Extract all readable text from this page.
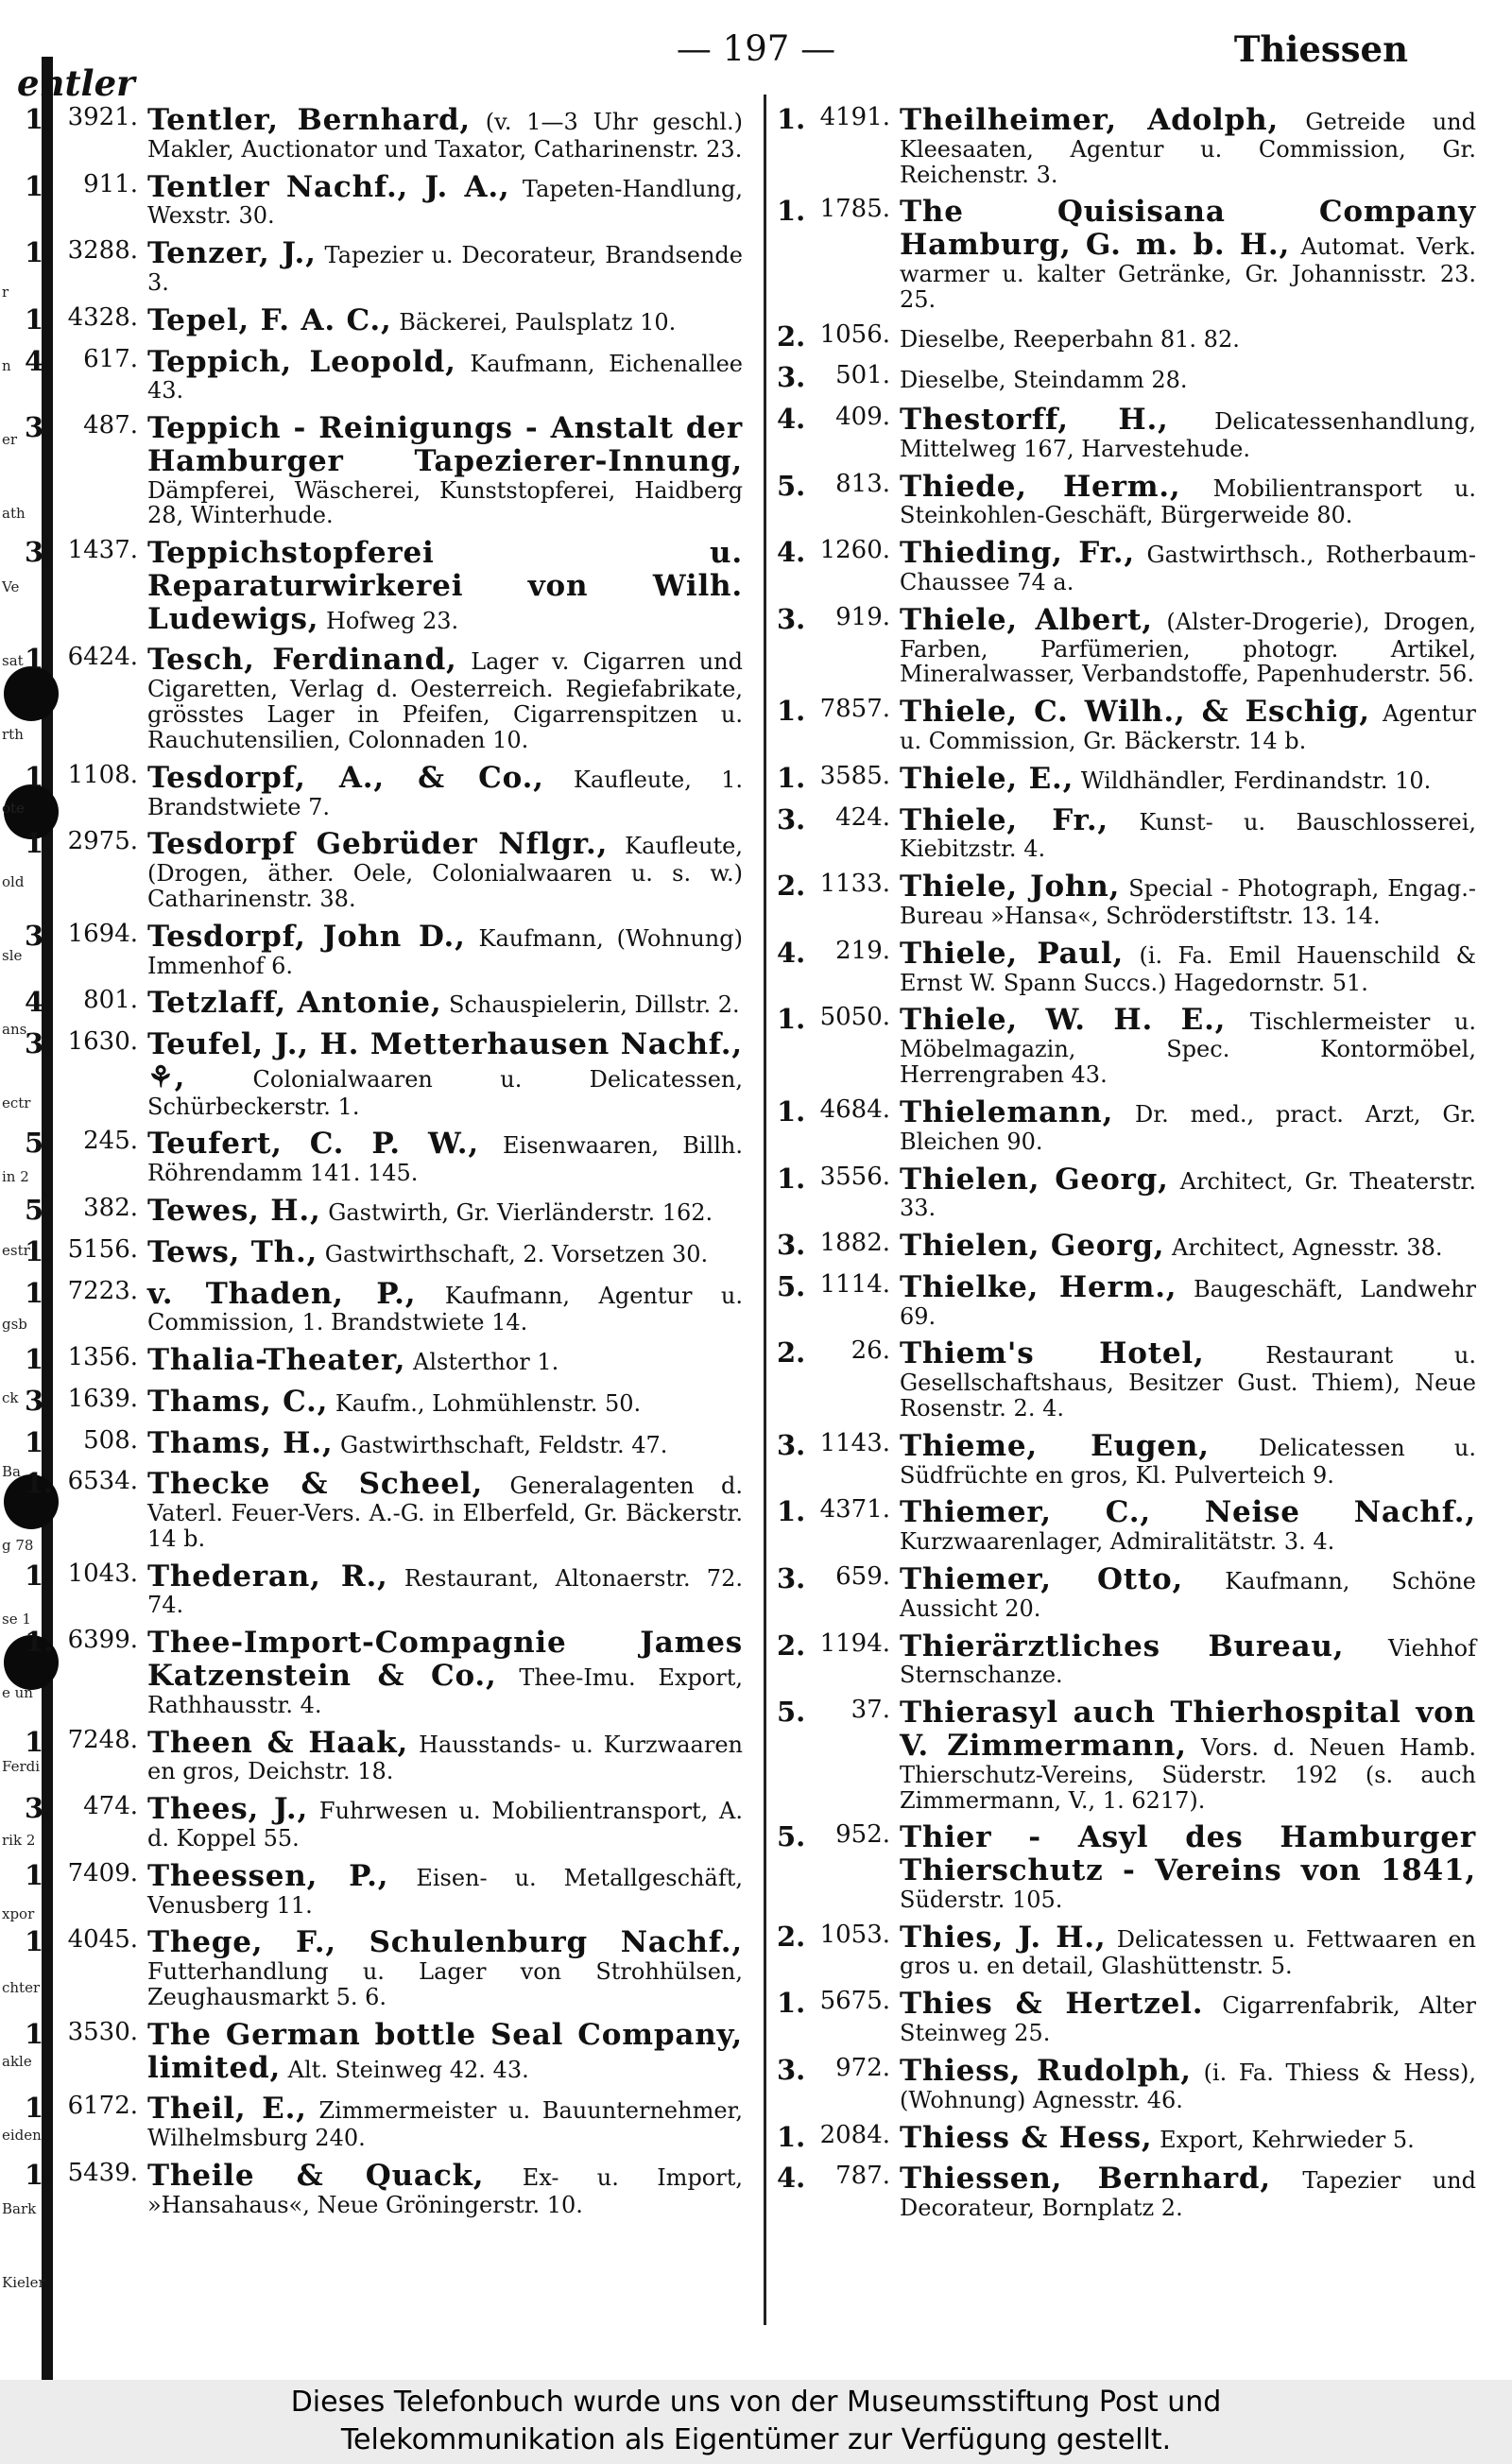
r
n
er
ath
Ve
sat
rth
ote
old
sle
ans
ectr
in 2
estr
gsb
ck
Ba
g 78
se 1
e un
Ferdi
rik 2
xpor
chter
akle
eiden
Bark
Kieler
entler
— 197 —	Thiessen
1. 3921. Tentler, Bernhard, (v. 1—3 Uhr geschl.) Makler, Auctionator und Taxator, Catharinenstr. 23.
1.	911. Tentler Nachf., J. A., Tapeten-Handlung, Wexstr. 30.
1. 3288. Tenzer, J., Tapezier u. Decorateur, Brandsende 3.
1. 4328. Tepel, F. A. C., Bäckerei, Paulsplatz 10.
4.	617. Teppich, Leopold, Kaufmann, Eichenallee 43.
3.	487. Teppich - Reinigungs - Anstalt der Hamburger Tapezierer-Innung, Dämpferei, Wäscherei, Kunststopferei, Haidberg 28, Winterhude.
3. 1437. Teppichstopferei u. Reparaturwirkerei von Wilh. Ludewigs, Hofweg 23.
1. 6424. Tesch, Ferdinand, Lager v. Cigarren und Cigaretten, Verlag d. Oesterreich. Regiefabrikate, grösstes Lager in Pfeifen, Cigarrenspitzen u. Rauchutensilien, Colonnaden 10.
1. 1108. Tesdorpf, A., & Co., Kaufleute, 1. Brandstwiete 7.
1. 2975. Tesdorpf Gebrüder Nflgr., Kaufleute, (Drogen, äther. Oele, Colonialwaaren u. s. w.) Catharinenstr. 38.
3. 1694. Tesdorpf, John D., Kaufmann, (Wohnung) Immenhof 6.
4.	801. Tetzlaff, Antonie, Schauspielerin, Dillstr. 2.
3. 1630. Teufel, J., H. Metterhausen Nachf., ⚘, Colonialwaaren u. Delicatessen, Schürbeckerstr. 1.
5.	245. Teufert, C. P. W., Eisenwaaren, Billh. Röhrendamm 141. 145.
5.	382. Tewes, H., Gastwirth, Gr. Vierländerstr. 162.
1. 5156. Tews, Th., Gastwirthschaft, 2. Vorsetzen 30.
1. 7223. v. Thaden, P., Kaufmann, Agentur u. Commission, 1. Brandstwiete 14.
1. 1356. Thalia-Theater, Alsterthor 1.
3. 1639. Thams, C., Kaufm., Lohmühlenstr. 50.
1.	508. Thams, H., Gastwirthschaft, Feldstr. 47.
1. 6534. Thecke & Scheel, Generalagenten d. Vaterl. Feuer-Vers. A.-G. in Elberfeld, Gr. Bäckerstr. 14 b.
1. 1043. Thederan, R., Restaurant, Altonaerstr. 72. 74.
1. 6399. Thee-Import-Compagnie James Katzenstein & Co., Thee-Imu. Export, Rathhausstr. 4.
1. 7248. Theen & Haak, Hausstands- u. Kurzwaaren en gros, Deichstr. 18.
3.	474. Thees, J., Fuhrwesen u. Mobilientransport, A. d. Koppel 55.
1. 7409. Theessen, P., Eisen- u. Metallgeschäft, Venusberg 11.
1. 4045. Thege, F., Schulenburg Nachf., Futterhandlung u. Lager von Strohhülsen, Zeughausmarkt 5. 6.
1. 3530. The German bottle Seal Company, limited, Alt. Steinweg 42. 43.
1. 6172. Theil, E., Zimmermeister u. Bauunternehmer, Wilhelmsburg 240.
1. 5439. Theile & Quack, Ex- u. Import, »Hansahaus«, Neue Gröningerstr. 10.
1. 4191. Theilheimer, Adolph, Getreide und Kleesaaten, Agentur u. Commission, Gr. Reichenstr. 3.
1. 1785. The Quisisana Company Hamburg, G. m. b. H., Automat. Verk. warmer u. kalter Getränke, Gr. Johannisstr. 23. 25.
2. 1056. Dieselbe, Reeperbahn 81. 82.
3.	501. Dieselbe, Steindamm 28.
4.	409. Thestorff, H., Delicatessenhandlung, Mittelweg 167, Harvestehude.
5.	813. Thiede, Herm., Mobilientransport u. Steinkohlen-Geschäft, Bürgerweide 80.
4. 1260. Thieding, Fr., Gastwirthsch., Rotherbaum-Chaussee 74 a.
3.	919. Thiele, Albert, (Alster-Drogerie), Drogen, Farben, Parfümerien, photogr. Artikel, Mineralwasser, Verbandstoffe, Papenhuderstr. 56.
1. 7857. Thiele, C. Wilh., & Eschig, Agentur u. Commission, Gr. Bäckerstr. 14 b.
1. 3585. Thiele, E., Wildhändler, Ferdinandstr. 10.
3.	424. Thiele, Fr., Kunst- u. Bauschlosserei, Kiebitzstr. 4.
2. 1133. Thiele, John, Special - Photograph, Engag.-Bureau »Hansa«, Schröderstiftstr. 13. 14.
4.	219. Thiele, Paul, (i. Fa. Emil Hauenschild & Ernst W. Spann Succs.) Hagedornstr. 51.
1. 5050. Thiele, W. H. E., Tischlermeister u. Möbelmagazin, Spec. Kontormöbel, Herrengraben 43.
1. 4684. Thielemann, Dr. med., pract. Arzt, Gr. Bleichen 90.
1. 3556. Thielen, Georg, Architect, Gr. Theaterstr. 33.
3. 1882. Thielen, Georg, Architect, Agnesstr. 38.
5. 1114. Thielke, Herm., Baugeschäft, Landwehr 69.
2.	26. Thiem's Hotel, Restaurant u. Gesellschaftshaus, Besitzer Gust. Thiem), Neue Rosenstr. 2. 4.
3. 1143. Thieme, Eugen, Delicatessen u. Südfrüchte en gros, Kl. Pulverteich 9.
1. 4371. Thiemer, C., Neise Nachf., Kurzwaarenlager, Admiralitätstr. 3. 4.
3.	659. Thiemer, Otto, Kaufmann, Schöne Aussicht 20.
2. 1194. Thierärztliches Bureau, Viehhof Sternschanze.
5.	37. Thierasyl auch Thierhospital von V. Zimmermann, Vors. d. Neuen Hamb. Thierschutz-Vereins, Süderstr. 192 (s. auch Zimmermann, V., 1. 6217).
5.	952. Thier - Asyl des Hamburger Thierschutz - Vereins von 1841, Süderstr. 105.
2. 1053. Thies, J. H., Delicatessen u. Fettwaaren en gros u. en detail, Glashüttenstr. 5.
1. 5675. Thies & Hertzel. Cigarrenfabrik, Alter Steinweg 25.
3.	972. Thiess, Rudolph, (i. Fa. Thiess & Hess), (Wohnung) Agnesstr. 46.
1. 2084. Thiess & Hess, Export, Kehrwieder 5.
4.	787. Thiessen, Bernhard, Tapezier und Decorateur, Bornplatz 2.
Dieses Telefonbuch wurde uns von der Museumsstiftung Post und
Telekommunikation als Eigentümer zur Verfügung gestellt.
